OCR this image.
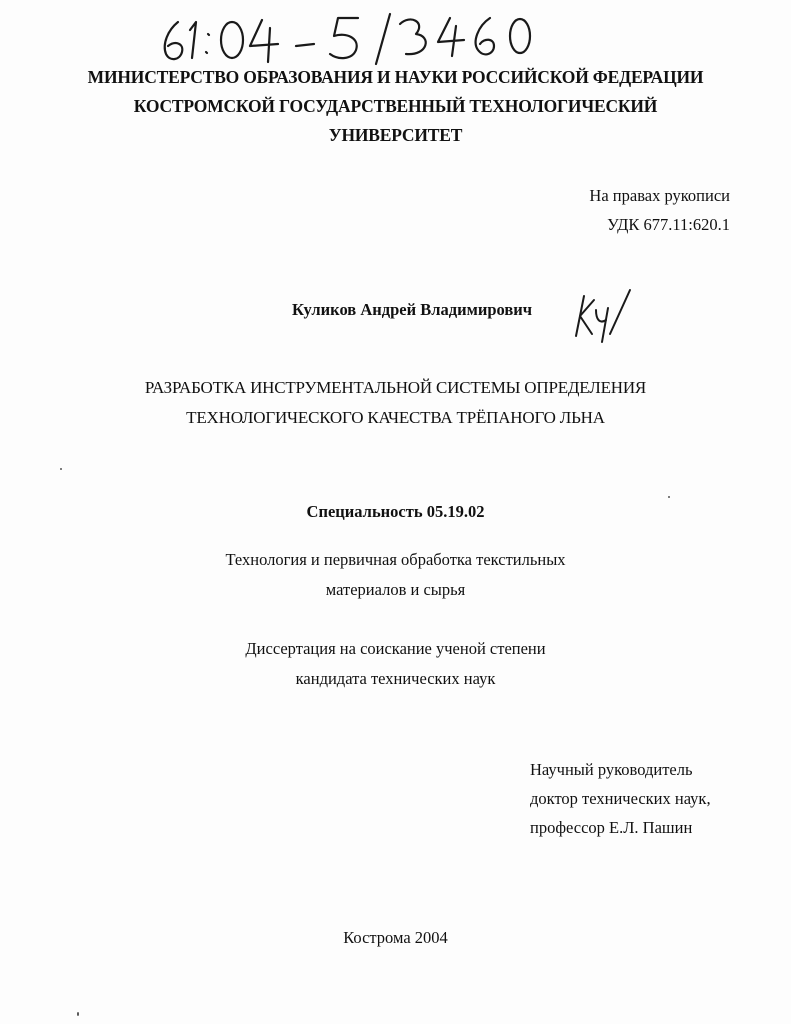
МИНИСТЕРСТВО ОБРАЗОВАНИЯ И НАУКИ РОССИЙСКОЙ ФЕДЕРАЦИИ
КОСТРОМСКОЙ ГОСУДАРСТВЕННЫЙ ТЕХНОЛОГИЧЕСКИЙ
УНИВЕРСИТЕТ
На правах рукописи
УДК 677.11:620.1
Куликов Андрей Владимирович
РАЗРАБОТКА ИНСТРУМЕНТАЛЬНОЙ СИСТЕМЫ ОПРЕДЕЛЕНИЯ
ТЕХНОЛОГИЧЕСКОГО КАЧЕСТВА ТРЁПАНОГО ЛЬНА
Специальность 05.19.02
Технология и первичная обработка текстильных
материалов и сырья
Диссертация на соискание ученой степени
кандидата технических наук
Научный руководитель
доктор технических наук,
профессор Е.Л. Пашин
Кострома 2004
